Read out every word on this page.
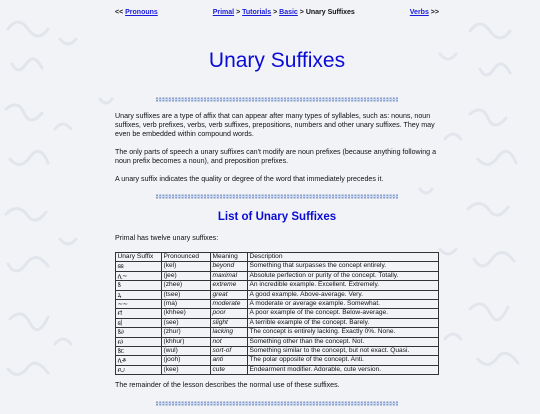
<< Pronouns	Primal > Tutorials > Basic > Unary Suffixes	Verbs >>
Unary Suffixes

Unary suffixes are a type of affix that can appear after many types of syllables, such as: nouns, noun suffixes, verb prefixes, verbs, verb suffixes, prepositions, numbers and other unary suffixes. They may even be embedded within compound words.

The only parts of speech a unary suffixes can't modify are noun prefixes (because anything following a noun prefix becomes a noun), and preposition prefixes.

A unary suffix indicates the quality or degree of the word that immediately precedes it.

List of Unary Suffixes

Primal has twelve unary suffixes:

Unary Suffix	Pronounced	Meaning	Description
ꞩꞩ	(kel)	beyond	Something that surpasses the concept entirely.
ሊ∼	(jee)	maximal	Absolute perfection or purity of the concept. Totally.
ꝸ	(zhee)	extreme	An incredible example. Excellent. Extremely.
ꝝ	(tsee)	great	A good example. Above-average. Very.
∼∼	(ma)	moderate	A moderate or average example. Somewhat.
ꞧꝉ	(khhee)	poor	A poor example of the concept. Below-average.
ꞩ∣	(see)	slight	A terrible example of the concept. Barely.
ꝸ∂	(zhur)	lacking	The concept is entirely lacking. Exactly 0%. None.
ꞧ∂	(khhur)	not	Something other than the concept. Not.
ꝸꞇ	(wul)	sort-of	Something similar to the concept, but not exact. Quasi.
ሊቶ	(jooh)	anti	The polar opposite of the concept. Anti.
ꞧ∪	(kee)	cute	Endearment modifier. Adorable, cute version.

The remainder of the lesson describes the normal use of these suffixes.
